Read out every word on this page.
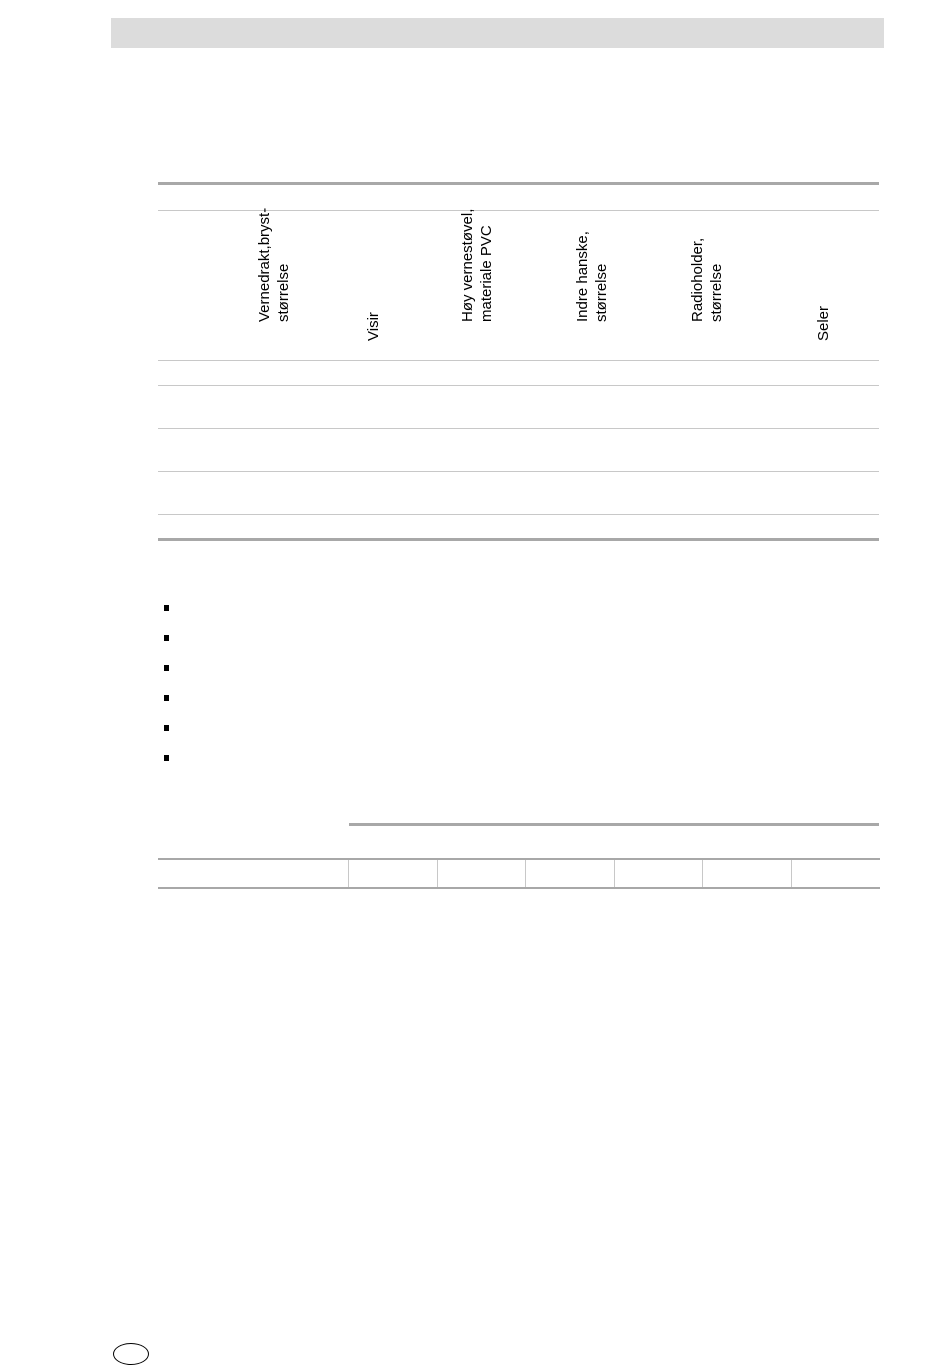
Vernedrakt,bryst- størrelse
Visir
Høy vernestøvel, materiale PVC	Indre hanske, størrelse	Radioholder, størrelse
Seler
